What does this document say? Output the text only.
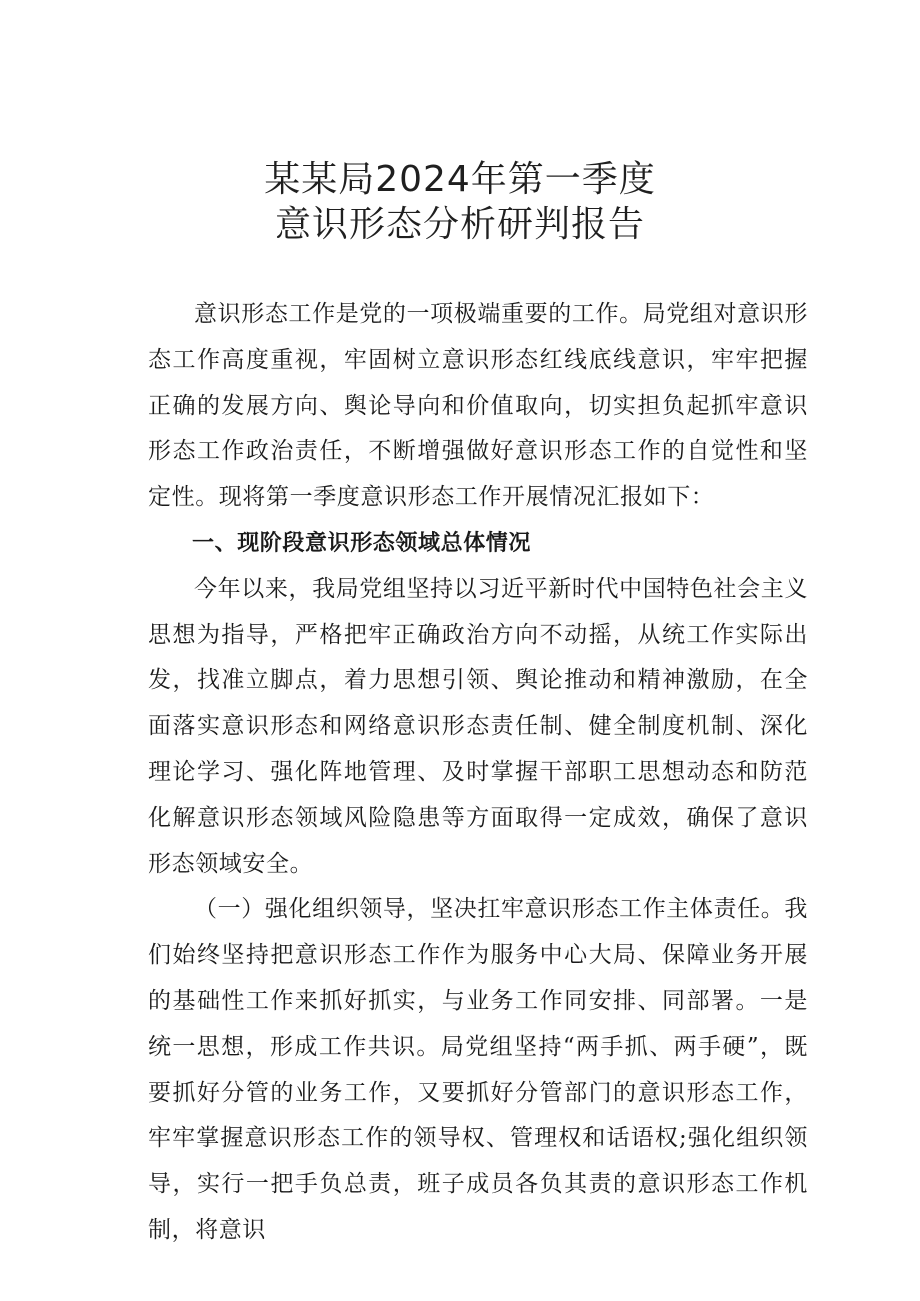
某某局2024年第一季度
意识形态分析研判报告

意识形态工作是党的一项极端重要的工作。局党组对意识形态工作高度重视，牢固树立意识形态红线底线意识，牢牢把握正确的发展方向、舆论导向和价值取向，切实担负起抓牢意识形态工作政治责任，不断增强做好意识形态工作的自觉性和坚定性。现将第一季度意识形态工作开展情况汇报如下：

一、现阶段意识形态领域总体情况

今年以来，我局党组坚持以习近平新时代中国特色社会主义思想为指导，严格把牢正确政治方向不动摇，从统工作实际出发，找准立脚点，着力思想引领、舆论推动和精神激励，在全面落实意识形态和网络意识形态责任制、健全制度机制、深化理论学习、强化阵地管理、及时掌握干部职工思想动态和防范化解意识形态领域风险隐患等方面取得一定成效，确保了意识形态领域安全。

（一）强化组织领导，坚决扛牢意识形态工作主体责任。我们始终坚持把意识形态工作作为服务中心大局、保障业务开展的基础性工作来抓好抓实，与业务工作同安排、同部署。一是统一思想，形成工作共识。局党组坚持“两手抓、两手硬”，既要抓好分管的业务工作，又要抓好分管部门的意识形态工作，牢牢掌握意识形态工作的领导权、管理权和话语权;强化组织领导，实行一把手负总责，班子成员各负其责的意识形态工作机制，将意识
